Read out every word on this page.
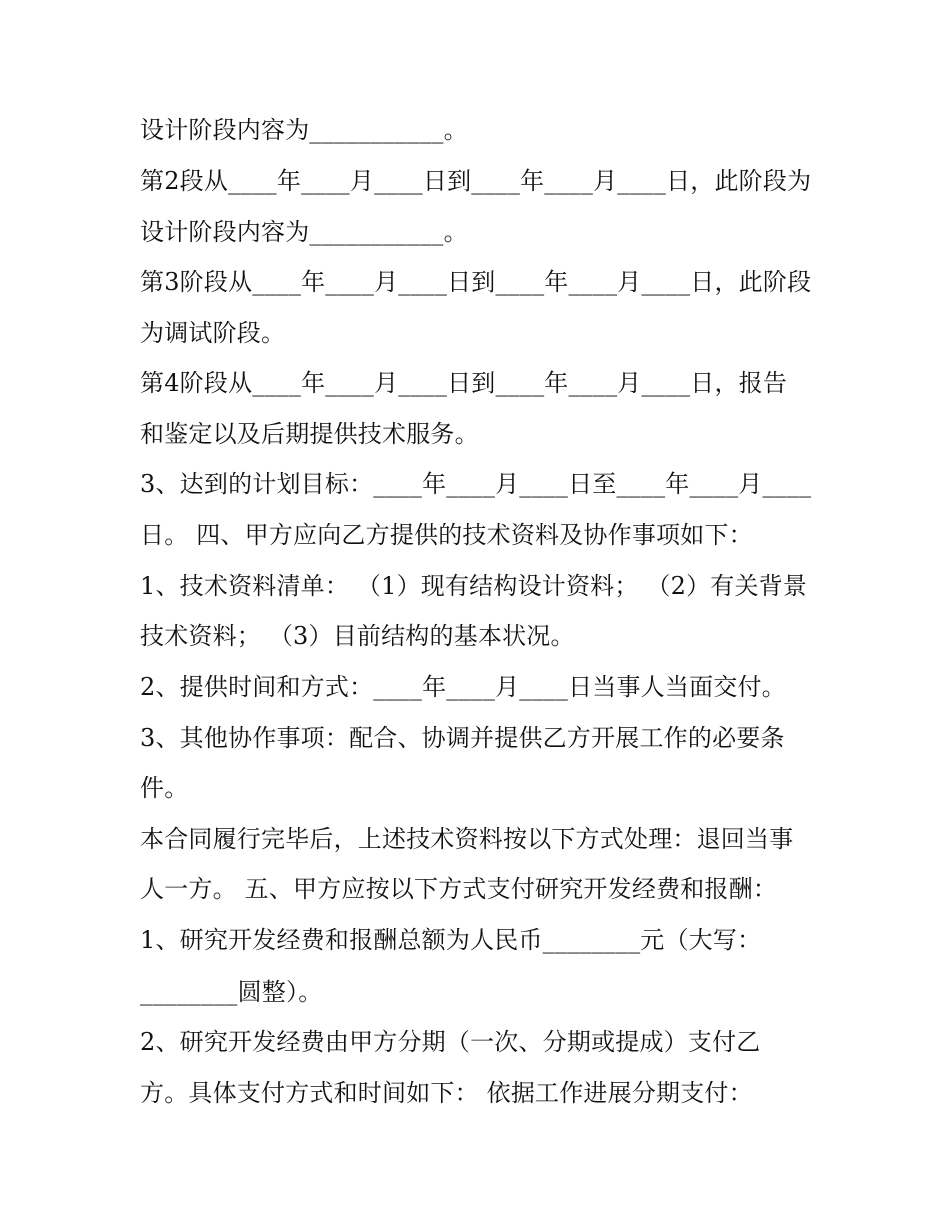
设计阶段内容为___________。
第2段从____年____月____日到____年____月____日，此阶段为
设计阶段内容为___________。
第3阶段从____年____月____日到____年____月____日，此阶段
为调试阶段。
第4阶段从____年____月____日到____年____月____日，报告
和鉴定以及后期提供技术服务。
3、达到的计划目标：____年____月____日至____年____月____
日。 四、甲方应向乙方提供的技术资料及协作事项如下：
1、技术资料清单： （1）现有结构设计资料； （2）有关背景
技术资料； （3）目前结构的基本状况。
2、提供时间和方式：____年____月____日当事人当面交付。
3、其他协作事项：配合、协调并提供乙方开展工作的必要条
件。
本合同履行完毕后，上述技术资料按以下方式处理：退回当事
人一方。 五、甲方应按以下方式支付研究开发经费和报酬：
1、研究开发经费和报酬总额为人民币________元（大写：
________圆整）。
2、研究开发经费由甲方分期（一次、分期或提成）支付乙
方。具体支付方式和时间如下： 依据工作进展分期支付：
